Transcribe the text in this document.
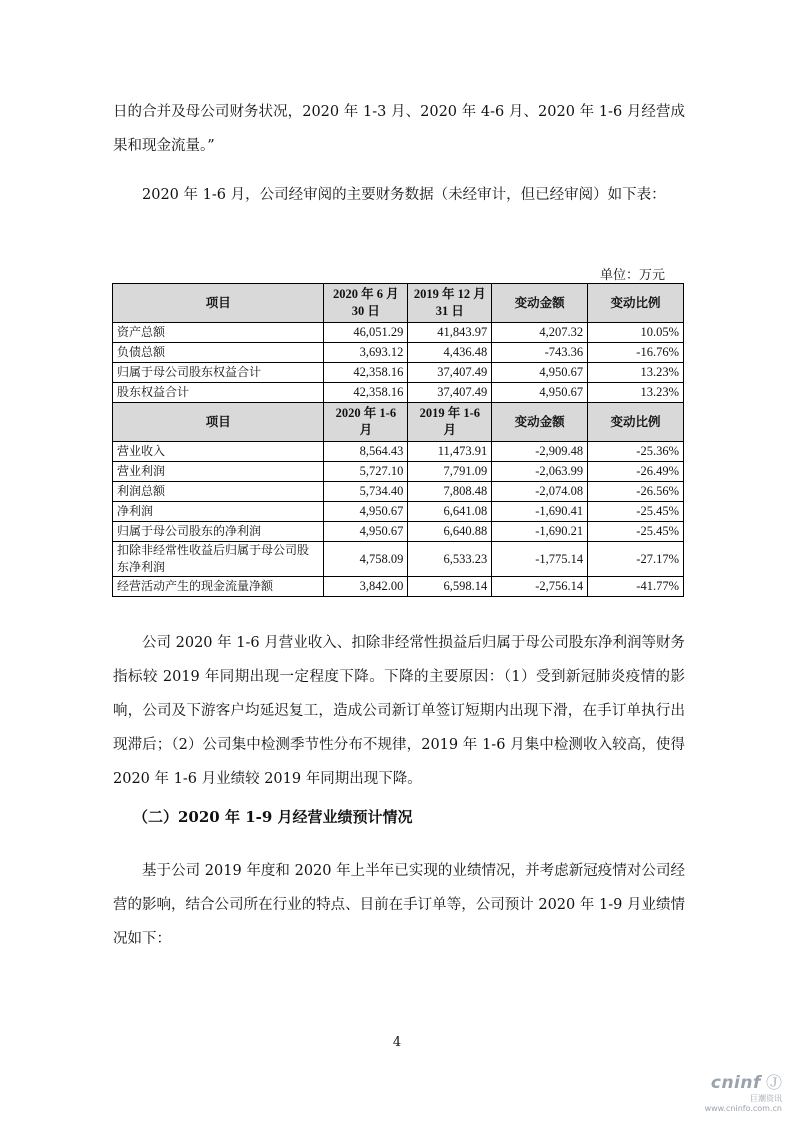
日的合并及母公司财务状况，2020 年 1-3 月、2020 年 4-6 月、2020 年 1-6 月经营成果和现金流量。”

2020 年 1-6 月，公司经审阅的主要财务数据（未经审计，但已经审阅）如下表：

单位：万元
项目	2020 年 6 月 30 日	2019 年 12 月 31 日	变动金额	变动比例
资产总额	46,051.29	41,843.97	4,207.32	10.05%
负债总额	3,693.12	4,436.48	-743.36	-16.76%
归属于母公司股东权益合计	42,358.16	37,407.49	4,950.67	13.23%
股东权益合计	42,358.16	37,407.49	4,950.67	13.23%
项目	2020 年 1-6 月	2019 年 1-6 月	变动金额	变动比例
营业收入	8,564.43	11,473.91	-2,909.48	-25.36%
营业利润	5,727.10	7,791.09	-2,063.99	-26.49%
利润总额	5,734.40	7,808.48	-2,074.08	-26.56%
净利润	4,950.67	6,641.08	-1,690.41	-25.45%
归属于母公司股东的净利润	4,950.67	6,640.88	-1,690.21	-25.45%
扣除非经常性收益后归属于母公司股东净利润	4,758.09	6,533.23	-1,775.14	-27.17%
经营活动产生的现金流量净额	3,842.00	6,598.14	-2,756.14	-41.77%

公司 2020 年 1-6 月营业收入、扣除非经常性损益后归属于母公司股东净利润等财务指标较 2019 年同期出现一定程度下降。下降的主要原因：（1）受到新冠肺炎疫情的影响，公司及下游客户均延迟复工，造成公司新订单签订短期内出现下滑，在手订单执行出现滞后；（2）公司集中检测季节性分布不规律，2019 年 1-6 月集中检测收入较高，使得 2020 年 1-6 月业绩较 2019 年同期出现下降。

（二）2020 年 1-9 月经营业绩预计情况

基于公司 2019 年度和 2020 年上半年已实现的业绩情况，并考虑新冠疫情对公司经营的影响，结合公司所在行业的特点、目前在手订单等，公司预计 2020 年 1-9 月业绩情况如下：

4
cninf Ⓙ
巨潮资讯
www.cninfo.com.cn
